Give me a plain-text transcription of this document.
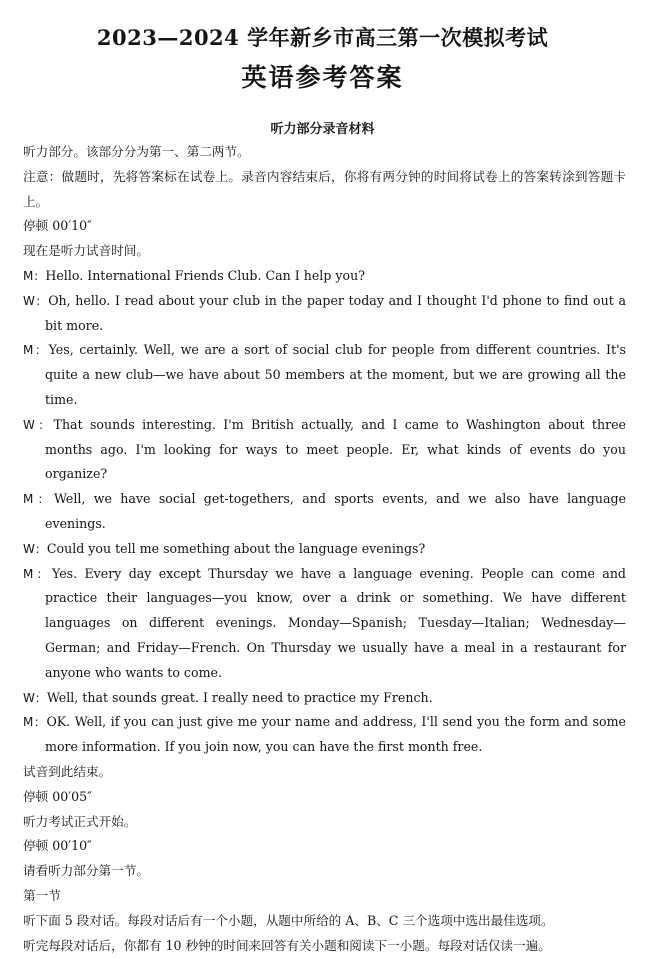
2023—2024 学年新乡市高三第一次模拟考试
英语参考答案
听力部分录音材料

听力部分。该部分分为第一、第二两节。

注意：做题时，先将答案标在试卷上。录音内容结束后，你将有两分钟的时间将试卷上的答案转涂到答题卡上。

停顿 00′10″

现在是听力试音时间。

M：Hello. International Friends Club. Can I help you?

W：Oh, hello. I read about your club in the paper today and I thought I'd phone to find out a bit more.

M：Yes, certainly. Well, we are a sort of social club for people from different countries. It's quite a new club—we have about 50 members at the moment, but we are growing all the time.

W：That sounds interesting. I'm British actually, and I came to Washington about three months ago. I'm looking for ways to meet people. Er, what kinds of events do you organize?

M：Well, we have social get-togethers, and sports events, and we also have language evenings.

W：Could you tell me something about the language evenings?

M：Yes. Every day except Thursday we have a language evening. People can come and practice their languages—you know, over a drink or something. We have different languages on different evenings. Monday—Spanish; Tuesday—Italian; Wednesday—German; and Friday—French. On Thursday we usually have a meal in a restaurant for anyone who wants to come.

W：Well, that sounds great. I really need to practice my French.

M：OK. Well, if you can just give me your name and address, I'll send you the form and some more information. If you join now, you can have the first month free.

试音到此结束。

停顿 00′05″

听力考试正式开始。

停顿 00′10″

请看听力部分第一节。

第一节

听下面 5 段对话。每段对话后有一个小题，从题中所给的 A、B、C 三个选项中选出最佳选项。

听完每段对话后，你都有 10 秒钟的时间来回答有关小题和阅读下一小题。每段对话仅读一遍。
